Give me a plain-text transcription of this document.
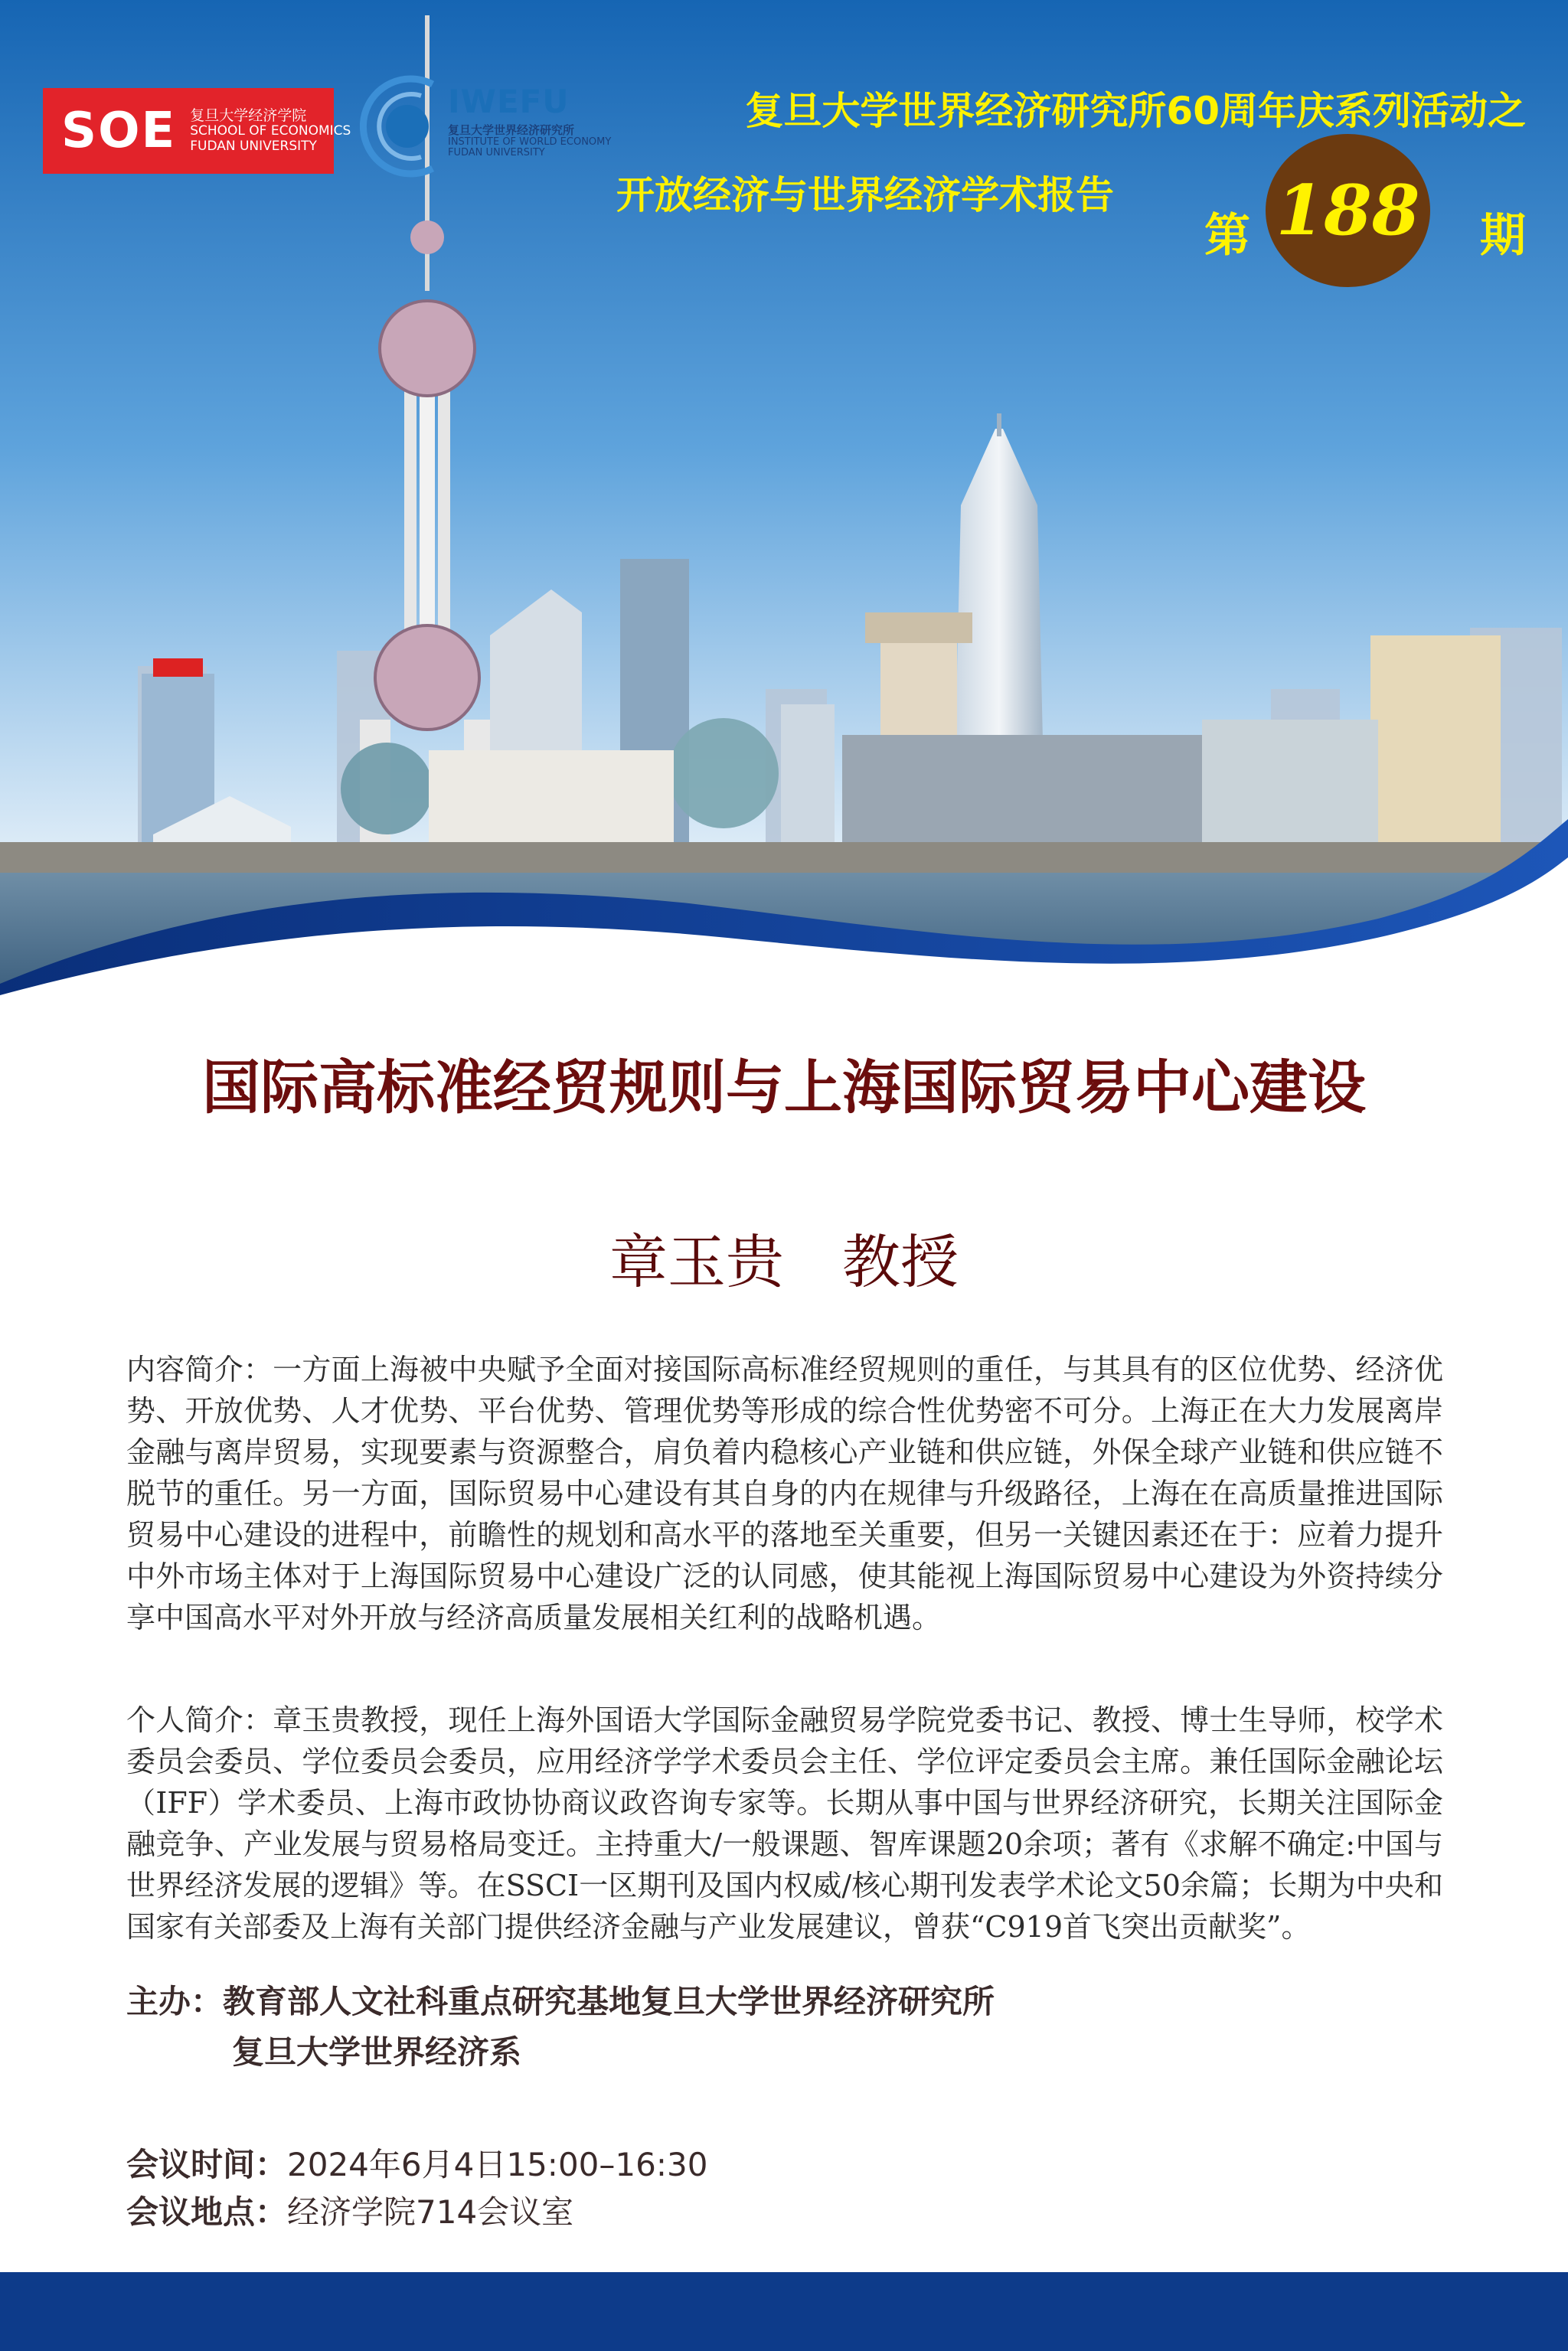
SOE 复旦大学经济学院
SCHOOL OF ECONOMICS
FUDAN UNIVERSITY
IWEFU
复旦大学世界经济研究所
INSTITUTE OF WORLD ECONOMY
FUDAN UNIVERSITY
复旦大学世界经济研究所60周年庆系列活动之
开放经济与世界经济学术报告
第 188 期
国际高标准经贸规则与上海国际贸易中心建设
章玉贵　教授
内容简介：一方面上海被中央赋予全面对接国际高标准经贸规则的重任，与其具有的区位优势、经济优势、开放优势、人才优势、平台优势、管理优势等形成的综合性优势密不可分。上海正在大力发展离岸金融与离岸贸易，实现要素与资源整合，肩负着内稳核心产业链和供应链，外保全球产业链和供应链不脱节的重任。另一方面，国际贸易中心建设有其自身的内在规律与升级路径，上海在在高质量推进国际贸易中心建设的进程中，前瞻性的规划和高水平的落地至关重要，但另一关键因素还在于：应着力提升中外市场主体对于上海国际贸易中心建设广泛的认同感，使其能视上海国际贸易中心建设为外资持续分享中国高水平对外开放与经济高质量发展相关红利的战略机遇。
个人简介：章玉贵教授，现任上海外国语大学国际金融贸易学院党委书记、教授、博士生导师，校学术委员会委员、学位委员会委员，应用经济学学术委员会主任、学位评定委员会主席。兼任国际金融论坛（IFF）学术委员、上海市政协协商议政咨询专家等。长期从事中国与世界经济研究，长期关注国际金融竞争、产业发展与贸易格局变迁。主持重大/一般课题、智库课题20余项；著有《求解不确定:中国与世界经济发展的逻辑》等。在SSCI一区期刊及国内权威/核心期刊发表学术论文50余篇；长期为中央和国家有关部委及上海有关部门提供经济金融与产业发展建议，曾获“C919首飞突出贡献奖”。
主办：教育部人文社科重点研究基地复旦大学世界经济研究所
复旦大学世界经济系
会议时间：2024年6月4日15:00–16:30
会议地点：经济学院714会议室
